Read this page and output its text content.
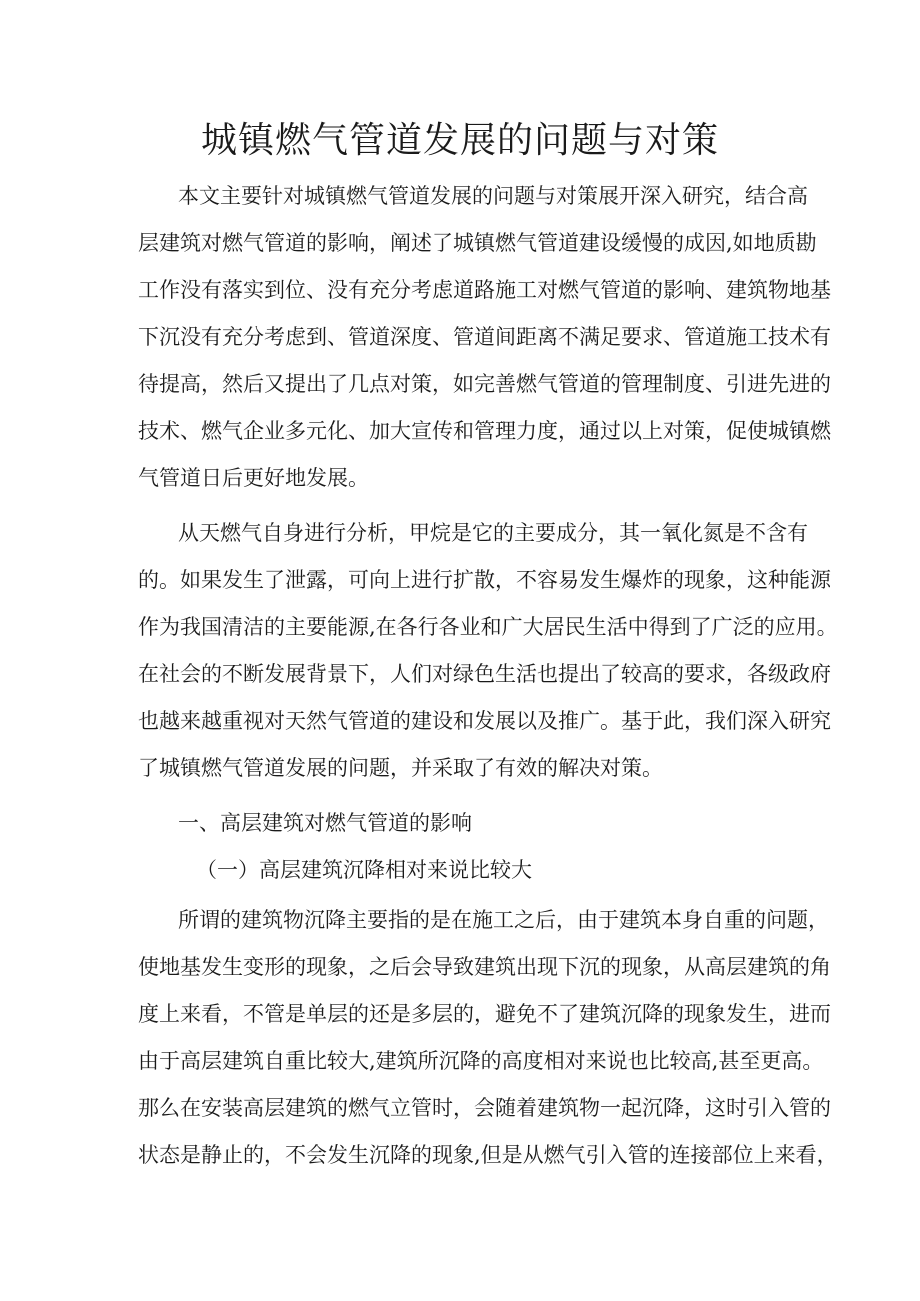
城镇燃气管道发展的问题与对策

本文主要针对城镇燃气管道发展的问题与对策展开深入研究，结合高

层建筑对燃气管道的影响，阐述了城镇燃气管道建设缓慢的成因,如地质勘

工作没有落实到位、没有充分考虑道路施工对燃气管道的影响、建筑物地基

下沉没有充分考虑到、管道深度、管道间距离不满足要求、管道施工技术有

待提高，然后又提出了几点对策，如完善燃气管道的管理制度、引进先进的

技术、燃气企业多元化、加大宣传和管理力度，通过以上对策，促使城镇燃

气管道日后更好地发展。

从天燃气自身进行分析，甲烷是它的主要成分，其一氧化氮是不含有

的。如果发生了泄露，可向上进行扩散，不容易发生爆炸的现象，这种能源

作为我国清洁的主要能源,在各行各业和广大居民生活中得到了广泛的应用。

在社会的不断发展背景下，人们对绿色生活也提出了较高的要求，各级政府

也越来越重视对天然气管道的建设和发展以及推广。基于此，我们深入研究

了城镇燃气管道发展的问题，并采取了有效的解决对策。

一、高层建筑对燃气管道的影响

（一）高层建筑沉降相对来说比较大

所谓的建筑物沉降主要指的是在施工之后，由于建筑本身自重的问题，

使地基发生变形的现象，之后会导致建筑出现下沉的现象，从高层建筑的角

度上来看，不管是单层的还是多层的，避免不了建筑沉降的现象发生，进而

由于高层建筑自重比较大,建筑所沉降的高度相对来说也比较高,甚至更高。

那么在安装高层建筑的燃气立管时，会随着建筑物一起沉降，这时引入管的

状态是静止的，不会发生沉降的现象,但是从燃气引入管的连接部位上来看，
